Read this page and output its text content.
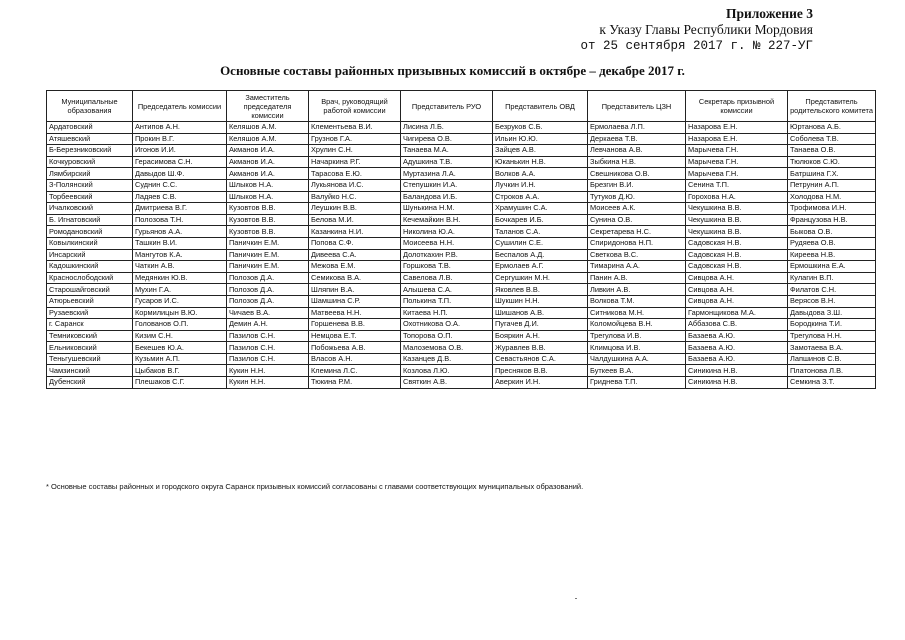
Приложение 3
к Указу Главы Республики Мордовия
от 25 сентября 2017 г. № 227-УГ
Основные составы районных призывных комиссий в октябре – декабре 2017 г.
Муниципальные образования	Председатель комиссии	Заместитель председателя комиссии	Врач, руководящий работой комиссии	Представитель РУО	Представитель ОВД	Представитель ЦЗН	Секретарь призывной комиссии	Представитель родительского комитета
Ардатовский	Антипов А.Н.	Келяшов А.М.	Клементьева В.И.	Лисина Л.Б.	Безруков С.Б.	Ермолаева Л.П.	Назарова Е.Н.	Юртанова А.Б.
Атяшевский	Прокин В.Г.	Келяшов А.М.	Грузнов Г.А.	Чигирева О.В.	Ильин Ю.Ю.	Деркаева Т.В.	Назарова Е.Н.	Соболева Т.В.
Б-Березниковский	Игонов И.И.	Акманов И.А.	Хрулин С.Н.	Танаева М.А.	Зайцев А.В.	Левчанова А.В.	Марычева Г.Н.	Танаева О.В.
Кочкуровский	Герасимова С.Н.	Акманов И.А.	Начаркина Р.Г.	Адушкина Т.В.	Юканькин Н.В.	Зыбкина Н.В.	Марычева Г.Н.	Тюлюков С.Ю.
Лямбирский	Давыдов Ш.Ф.	Акманов И.А.	Тарасова Е.Ю.	Муртазина Л.А.	Волков А.А.	Свешникова О.В.	Марычева Г.Н.	Батршина Г.Х.
З-Полянский	Суднин С.С.	Шлыков Н.А.	Лукьянова И.С.	Степушкин И.А.	Лучкин И.Н.	Брезгин В.И.	Сенина Т.П.	Петрунин А.П.
Торбеевский	Ладяев С.В.	Шлыков Н.А.	Валуйко Н.С.	Баландова И.Б.	Строков А.А.	Тутуков Д.Ю.	Горохова Н.А.	Холодова Н.М.
Ичалковский	Дмитриева В.Г.	Кузовтов В.В.	Леушкин В.В.	Шунькина Н.М.	Храмушин С.А.	Моисеев А.К.	Чекушкина В.В.	Трофимова И.Н.
Б. Игнатовский	Полозова Т.Н.	Кузовтов В.В.	Белова М.И.	Кечемайкин В.Н.	Бочкарев И.Б.	Сунина О.В.	Чекушкина В.В.	Французова Н.В.
Ромодановский	Гурьянов А.А.	Кузовтов В.В.	Казанкина Н.И.	Николина Ю.А.	Таланов С.А.	Секретарева Н.С.	Чекушкина В.В.	Быкова О.В.
Ковылкинский	Ташкин В.И.	Паничкин Е.М.	Попова С.Ф.	Моисеева Н.Н.	Сушилин С.Е.	Спиридонова Н.П.	Садовская Н.В.	Рудяева О.В.
Инсарский	Мангутов К.А.	Паничкин Е.М.	Дивеева С.А.	Долоткахин Р.В.	Беспалов А.Д.	Светкова В.С.	Садовская Н.В.	Киреева Н.В.
Кадошкинский	Чаткин А.В.	Паничкин Е.М.	Межова Е.М.	Горшкова Т.В.	Ермолаев А.Г.	Тимарина А.А.	Садовская Н.В.	Ермошкина Е.А.
Краснослободский	Медянкин Ю.В.	Полозов Д.А.	Семикова В.А.	Савелова Л.В.	Сергушкин М.Н.	Панин А.В.	Сивцова А.Н.	Кулагин В.П.
Старошайговский	Мухин Г.А.	Полозов Д.А.	Шляпин В.А.	Алышева С.А.	Яковлев В.В.	Ливкин А.В.	Сивцова А.Н.	Филатов С.Н.
Атюрьевский	Гусаров И.С.	Полозов Д.А.	Шамшина С.Р.	Полькина Т.П.	Шукшин Н.Н.	Волкова Т.М.	Сивцова А.Н.	Верясов В.Н.
Рузаевский	Кормилицын В.Ю.	Чичаев В.А.	Матвеева Н.Н.	Китаева Н.П.	Шишанов А.В.	Ситникова М.Н.	Гармонщикова М.А.	Давыдова З.Ш.
г. Саранск	Голованов О.П.	Демин А.Н.	Горшенева В.В.	Охотникова О.А.	Пугачев Д.И.	Коломойцева В.Н.	Аббазова С.В.	Бородкина Т.И.
Темниковский	Кизим С.Н.	Пазилов С.Н.	Немцова Е.Т.	Топорова О.П.	Бояркин А.Н.	Трегулова И.В.	Базаева А.Ю.	Трегулова Н.Н.
Ельниковский	Бекешев Ю.А.	Пазилов С.Н.	Побожьева А.В.	Малоземова О.В.	Журавлев В.В.	Климцова И.В.	Базаева А.Ю.	Замотаева В.А.
Теньгушевский	Кузьмин А.П.	Пазилов С.Н.	Власов А.Н.	Казанцев Д.В.	Севастьянов С.А.	Чалдушкина А.А.	Базаева А.Ю.	Лапшинов С.В.
Чамзинский	Цыбаков В.Г.	Кукин Н.Н.	Клемина Л.С.	Козлова Л.Ю.	Пресняков В.В.	Буткеев В.А.	Синикина Н.В.	Платонова Л.В.
Дубенский	Плешаков С.Г.	Кукин Н.Н.	Тюкина Р.М.	Святкин А.В.	Аверкин И.Н.	Гриднева Т.П.	Синикина Н.В.	Семкина З.Т.
* Основные составы районных и городского округа Саранск призывных комиссий согласованы с главами соответствующих муниципальных образований.
